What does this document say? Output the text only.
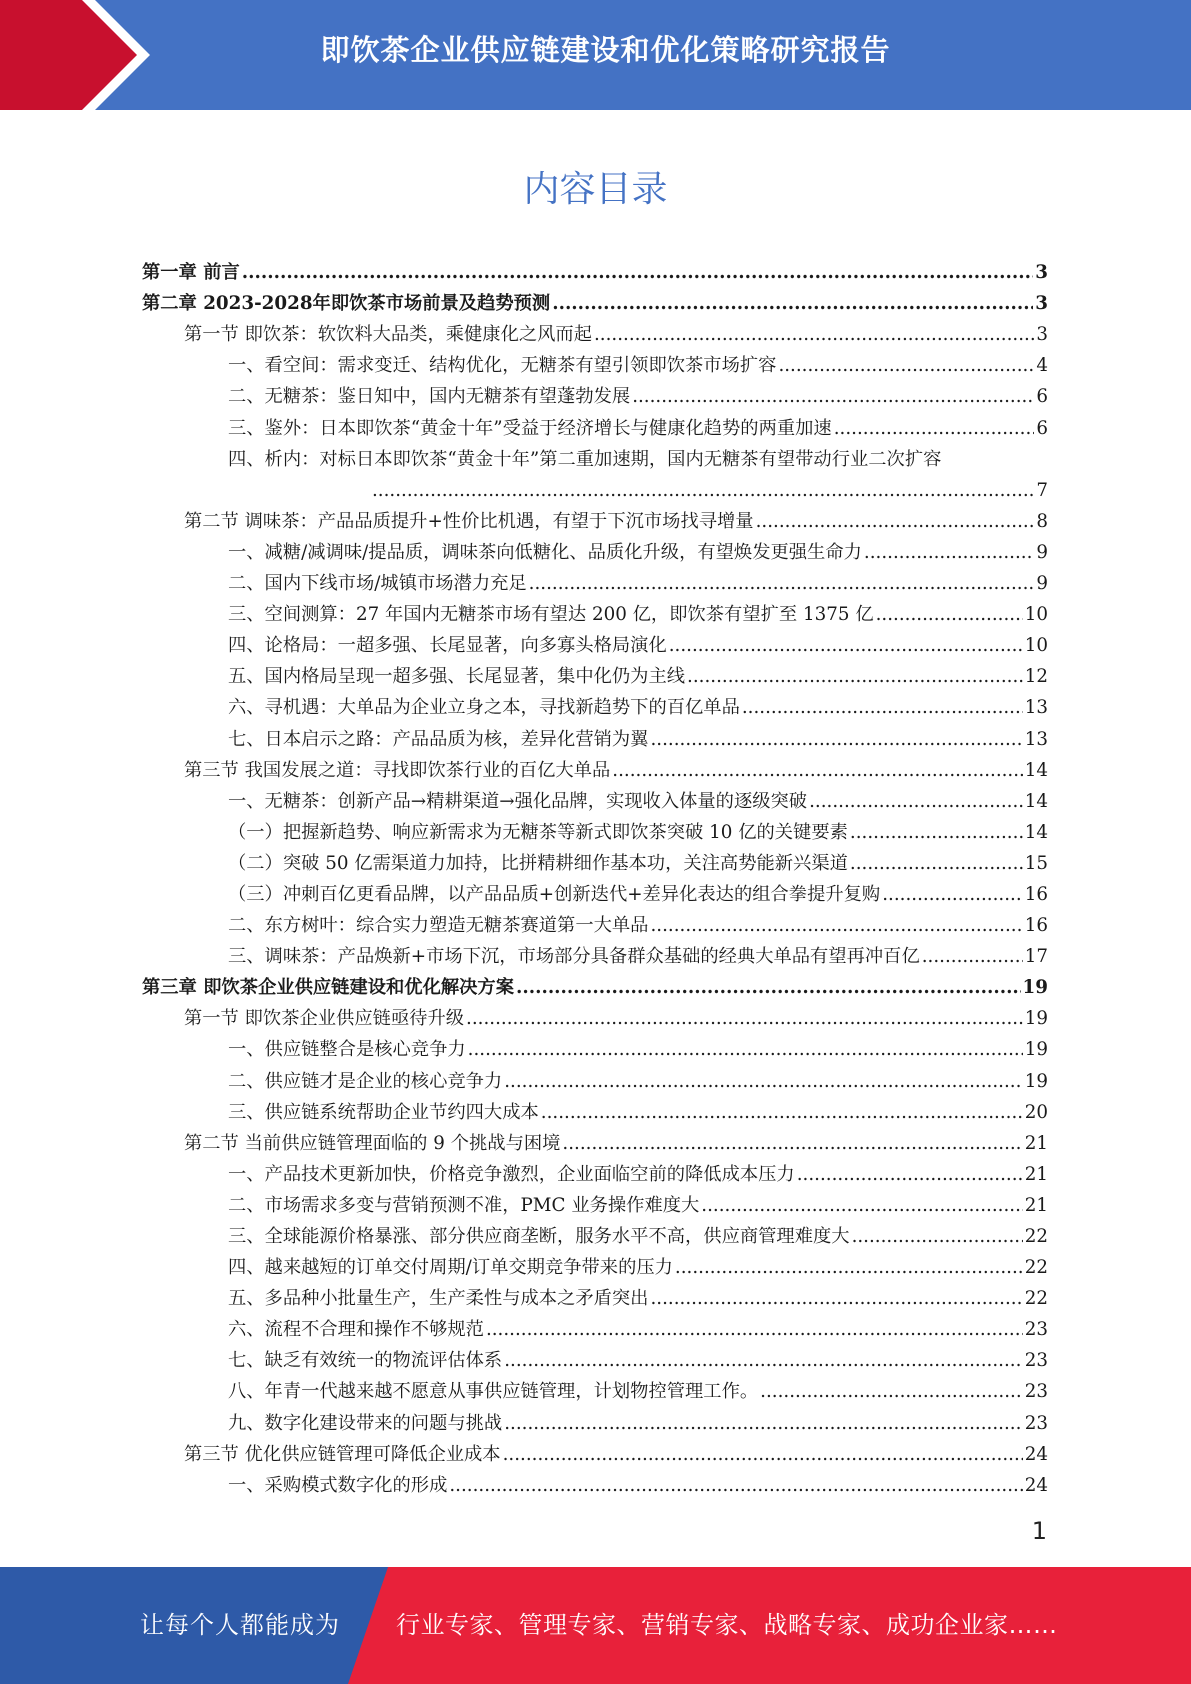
即饮茶企业供应链建设和优化策略研究报告
内容目录
第一章 前言 .....	3
第二章 2023-2028年即饮茶市场前景及趋势预测 .....	3
第一节 即饮茶：软饮料大品类，乘健康化之风而起 .....	3
一、看空间：需求变迁、结构优化，无糖茶有望引领即饮茶市场扩容 .....	4
二、无糖茶：鉴日知中，国内无糖茶有望蓬勃发展 .....	6
三、鉴外：日本即饮茶“黄金十年”受益于经济增长与健康化趋势的两重加速 .....	6
四、析内：对标日本即饮茶“黄金十年”第二重加速期，国内无糖茶有望带动行业二次扩容
.....
7
第二节 调味茶：产品品质提升+性价比机遇，有望于下沉市场找寻增量 .....	8
一、减糖/减调味/提品质，调味茶向低糖化、品质化升级，有望焕发更强生命力 .....	9
二、国内下线市场/城镇市场潜力充足 .....	9
三、空间测算：27 年国内无糖茶市场有望达 200 亿，即饮茶有望扩至 1375 亿 .....	10
四、论格局：一超多强、长尾显著，向多寡头格局演化 .....	10
五、国内格局呈现一超多强、长尾显著，集中化仍为主线 .....	12
六、寻机遇：大单品为企业立身之本，寻找新趋势下的百亿单品 .....	13
七、日本启示之路：产品品质为核，差异化营销为翼 .....	13
第三节 我国发展之道：寻找即饮茶行业的百亿大单品 .....	14
一、无糖茶：创新产品→精耕渠道→强化品牌，实现收入体量的逐级突破 .....	14
（一）把握新趋势、响应新需求为无糖茶等新式即饮茶突破 10 亿的关键要素 .....	14
（二）突破 50 亿需渠道力加持，比拼精耕细作基本功，关注高势能新兴渠道 .....	15
（三）冲刺百亿更看品牌，以产品品质+创新迭代+差异化表达的组合拳提升复购 .....	16
二、东方树叶：综合实力塑造无糖茶赛道第一大单品 .....	16
三、调味茶：产品焕新+市场下沉，市场部分具备群众基础的经典大单品有望再冲百亿 .....	17
第三章 即饮茶企业供应链建设和优化解决方案 .....	19
第一节 即饮茶企业供应链亟待升级 .....	19
一、供应链整合是核心竞争力 .....	19
二、供应链才是企业的核心竞争力 .....	19
三、供应链系统帮助企业节约四大成本 .....	20
第二节 当前供应链管理面临的 9 个挑战与困境 .....	21
一、产品技术更新加快，价格竞争激烈，企业面临空前的降低成本压力 .....	21
二、市场需求多变与营销预测不准，PMC 业务操作难度大 .....	21
三、全球能源价格暴涨、部分供应商垄断，服务水平不高，供应商管理难度大 .....	22
四、越来越短的订单交付周期/订单交期竞争带来的压力 .....	22
五、多品种小批量生产，生产柔性与成本之矛盾突出 .....	22
六、流程不合理和操作不够规范 .....	23
七、缺乏有效统一的物流评估体系 .....	23
八、年青一代越来越不愿意从事供应链管理，计划物控管理工作。 .....	23
九、数字化建设带来的问题与挑战 .....	23
第三节 优化供应链管理可降低企业成本 .....	24
一、采购模式数字化的形成 .....	24
1
让每个人都能成为 行业专家、管理专家、营销专家、战略专家、成功企业家……
